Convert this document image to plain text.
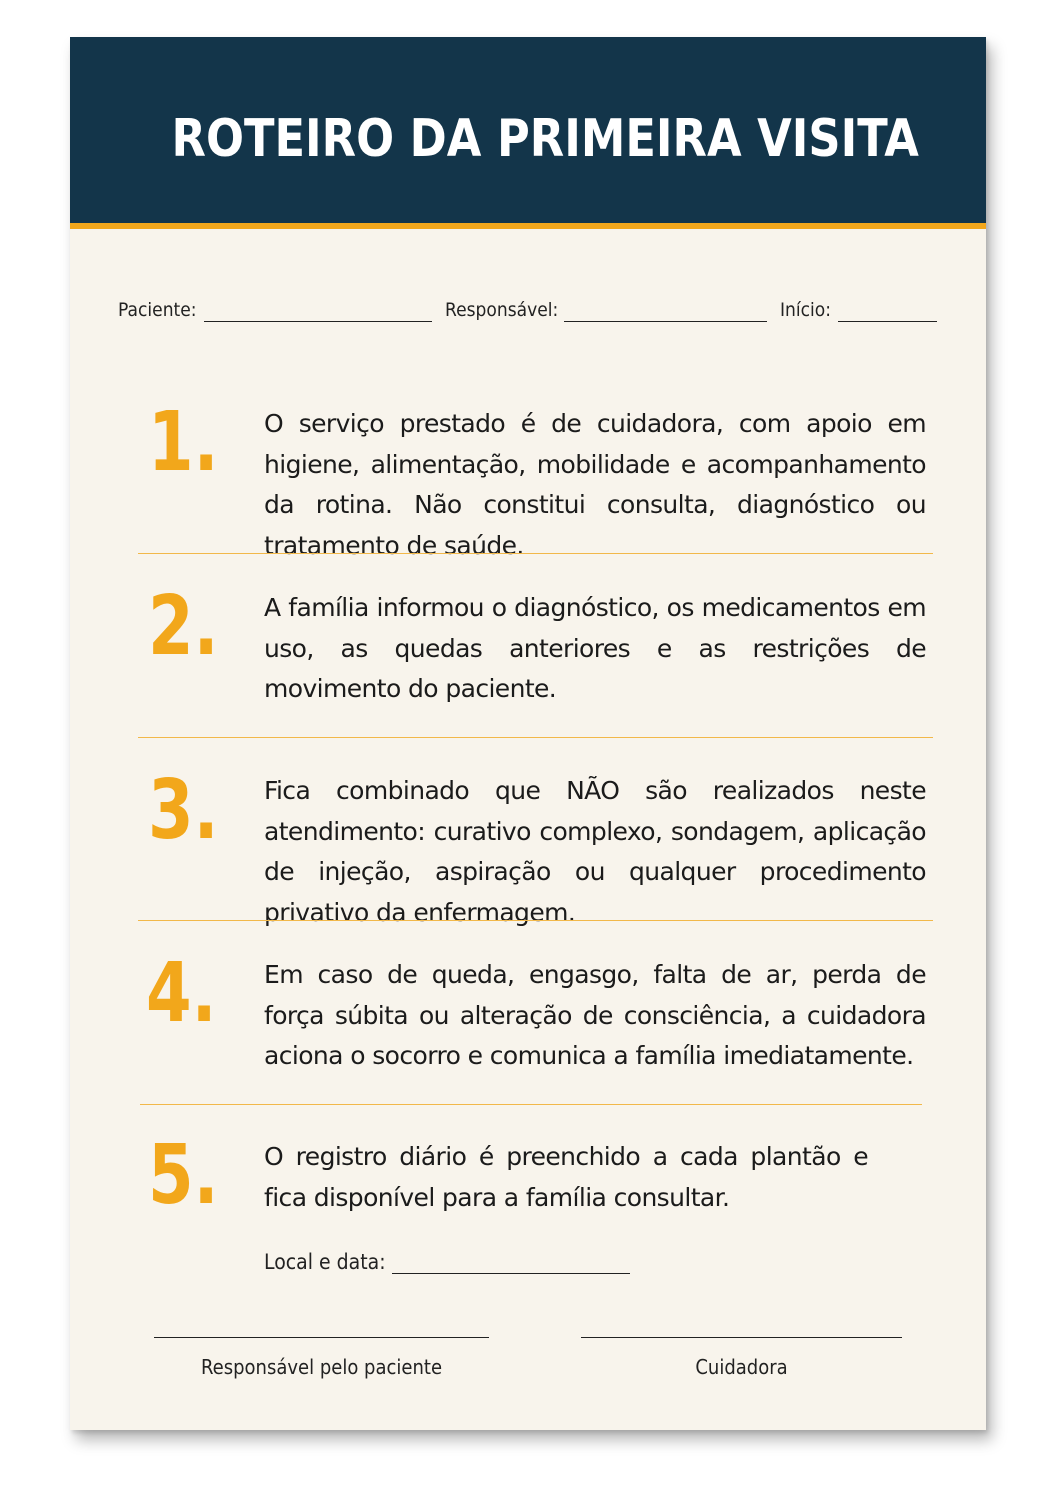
ROTEIRO DA PRIMEIRA VISITA
Paciente:	Responsável:	Início:
1. O serviço prestado é de cuidadora, com apoio em higiene, alimentação, mobilidade e acompanhamento da rotina. Não constitui consulta, diagnóstico ou tratamento de saúde.
2. A família informou o diagnóstico, os medicamentos em uso, as quedas anteriores e as restrições de movimento do paciente.
3. Fica combinado que NÃO são realizados neste atendimento: curativo complexo, sondagem, aplicação de injeção, aspiração ou qualquer procedimento privativo da enfermagem.
4. Em caso de queda, engasgo, falta de ar, perda de força súbita ou alteração de consciência, a cuidadora aciona o socorro e comunica a família imediatamente.
5. O registro diário é preenchido a cada plantão e fica disponível para a família consultar.
Local e data:
Responsável pelo paciente	Cuidadora
